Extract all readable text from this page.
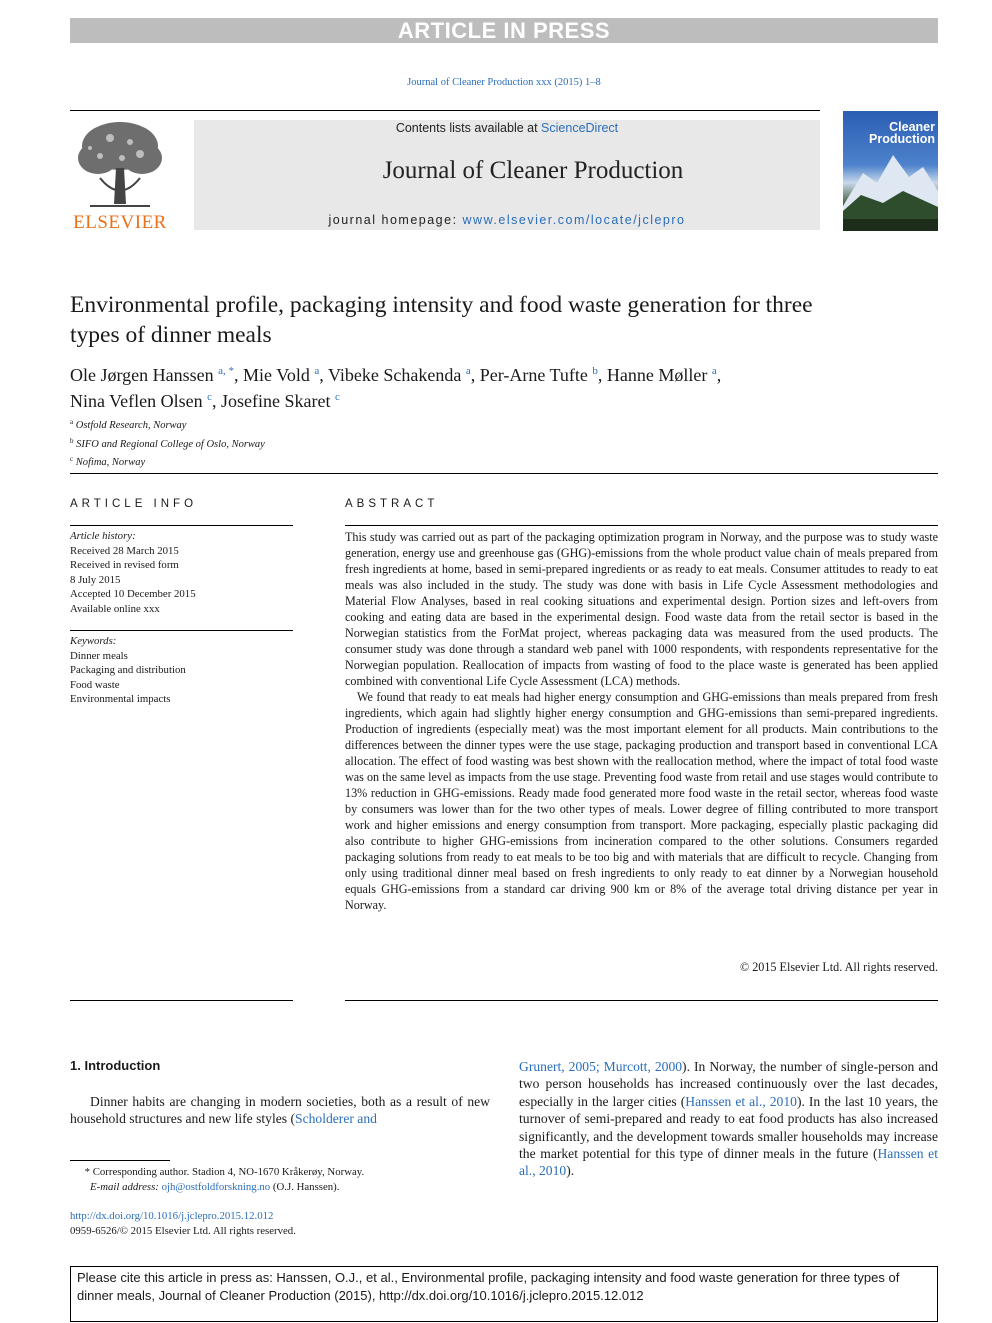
ARTICLE IN PRESS
Journal of Cleaner Production xxx (2015) 1–8
ELSEVIER
Contents lists available at ScienceDirect
Journal of Cleaner Production
journal homepage: www.elsevier.com/locate/jclepro
Cleaner
Production
Environmental profile, packaging intensity and food waste generation for three types of dinner meals
Ole Jørgen Hanssen $^{a, *}$, Mie Vold $^a$, Vibeke Schakenda $^a$, Per-Arne Tufte $^b$, Hanne Møller $^a$,
Nina Veflen Olsen $^c$, Josefine Skaret $^c$
$^a$ Ostfold Research, Norway
$^b$ SIFO and Regional College of Oslo, Norway
$^c$ Nofima, Norway
ARTICLE INFO
Article history:
Received 28 March 2015
Received in revised form
8 July 2015
Accepted 10 December 2015
Available online xxx
Keywords:
Dinner meals
Packaging and distribution
Food waste
Environmental impacts
ABSTRACT

This study was carried out as part of the packaging optimization program in Norway, and the purpose was to study waste generation, energy use and greenhouse gas (GHG)-emissions from the whole product value chain of meals prepared from fresh ingredients at home, based in semi-prepared ingredients or as ready to eat meals. Consumer attitudes to ready to eat meals was also included in the study. The study was done with basis in Life Cycle Assessment methodologies and Material Flow Analyses, based in real cooking situations and experimental design. Portion sizes and left-overs from cooking and eating data are based in the experimental design. Food waste data from the retail sector is based in the Norwegian statistics from the ForMat project, whereas packaging data was measured from the used products. The consumer study was done through a standard web panel with 1000 respondents, with respondents representative for the Norwegian population. Reallocation of impacts from wasting of food to the place waste is generated has been applied combined with conventional Life Cycle Assessment (LCA) methods.

We found that ready to eat meals had higher energy consumption and GHG-emissions than meals prepared from fresh ingredients, which again had slightly higher energy consumption and GHG-emissions than semi-prepared ingredients. Production of ingredients (especially meat) was the most important element for all products. Main contributions to the differences between the dinner types were the use stage, packaging production and transport based in conventional LCA allocation. The effect of food wasting was best shown with the reallocation method, where the impact of total food waste was on the same level as impacts from the use stage. Preventing food waste from retail and use stages would contribute to 13% reduction in GHG-emissions. Ready made food generated more food waste in the retail sector, whereas food waste by consumers was lower than for the two other types of meals. Lower degree of filling contributed to more transport work and higher emissions and energy consumption from transport. More packaging, especially plastic packaging did also contribute to higher GHG-emissions from incineration compared to the other solutions. Consumers regarded packaging solutions from ready to eat meals to be too big and with materials that are difficult to recycle. Changing from only using traditional dinner meal based on fresh ingredients to only ready to eat dinner by a Norwegian household equals GHG-emissions from a standard car driving 900 km or 8% of the average total driving distance per year in Norway.

© 2015 Elsevier Ltd. All rights reserved.
1. Introduction
Dinner habits are changing in modern societies, both as a result of new household structures and new life styles (Scholderer and
Grunert, 2005; Murcott, 2000). In Norway, the number of single-person and two person households has increased continuously over the last decades, especially in the larger cities (Hanssen et al., 2010). In the last 10 years, the turnover of semi-prepared and ready to eat food products has also increased significantly, and the development towards smaller households may increase the market potential for this type of dinner meals in the future (Hanssen et al., 2010).
* Corresponding author. Stadion 4, NO-1670 Kråkerøy, Norway.
E-mail address: ojh@ostfoldforskning.no (O.J. Hanssen).
http://dx.doi.org/10.1016/j.jclepro.2015.12.012
0959-6526/© 2015 Elsevier Ltd. All rights reserved.
Please cite this article in press as: Hanssen, O.J., et al., Environmental profile, packaging intensity and food waste generation for three types of dinner meals, Journal of Cleaner Production (2015), http://dx.doi.org/10.1016/j.jclepro.2015.12.012
